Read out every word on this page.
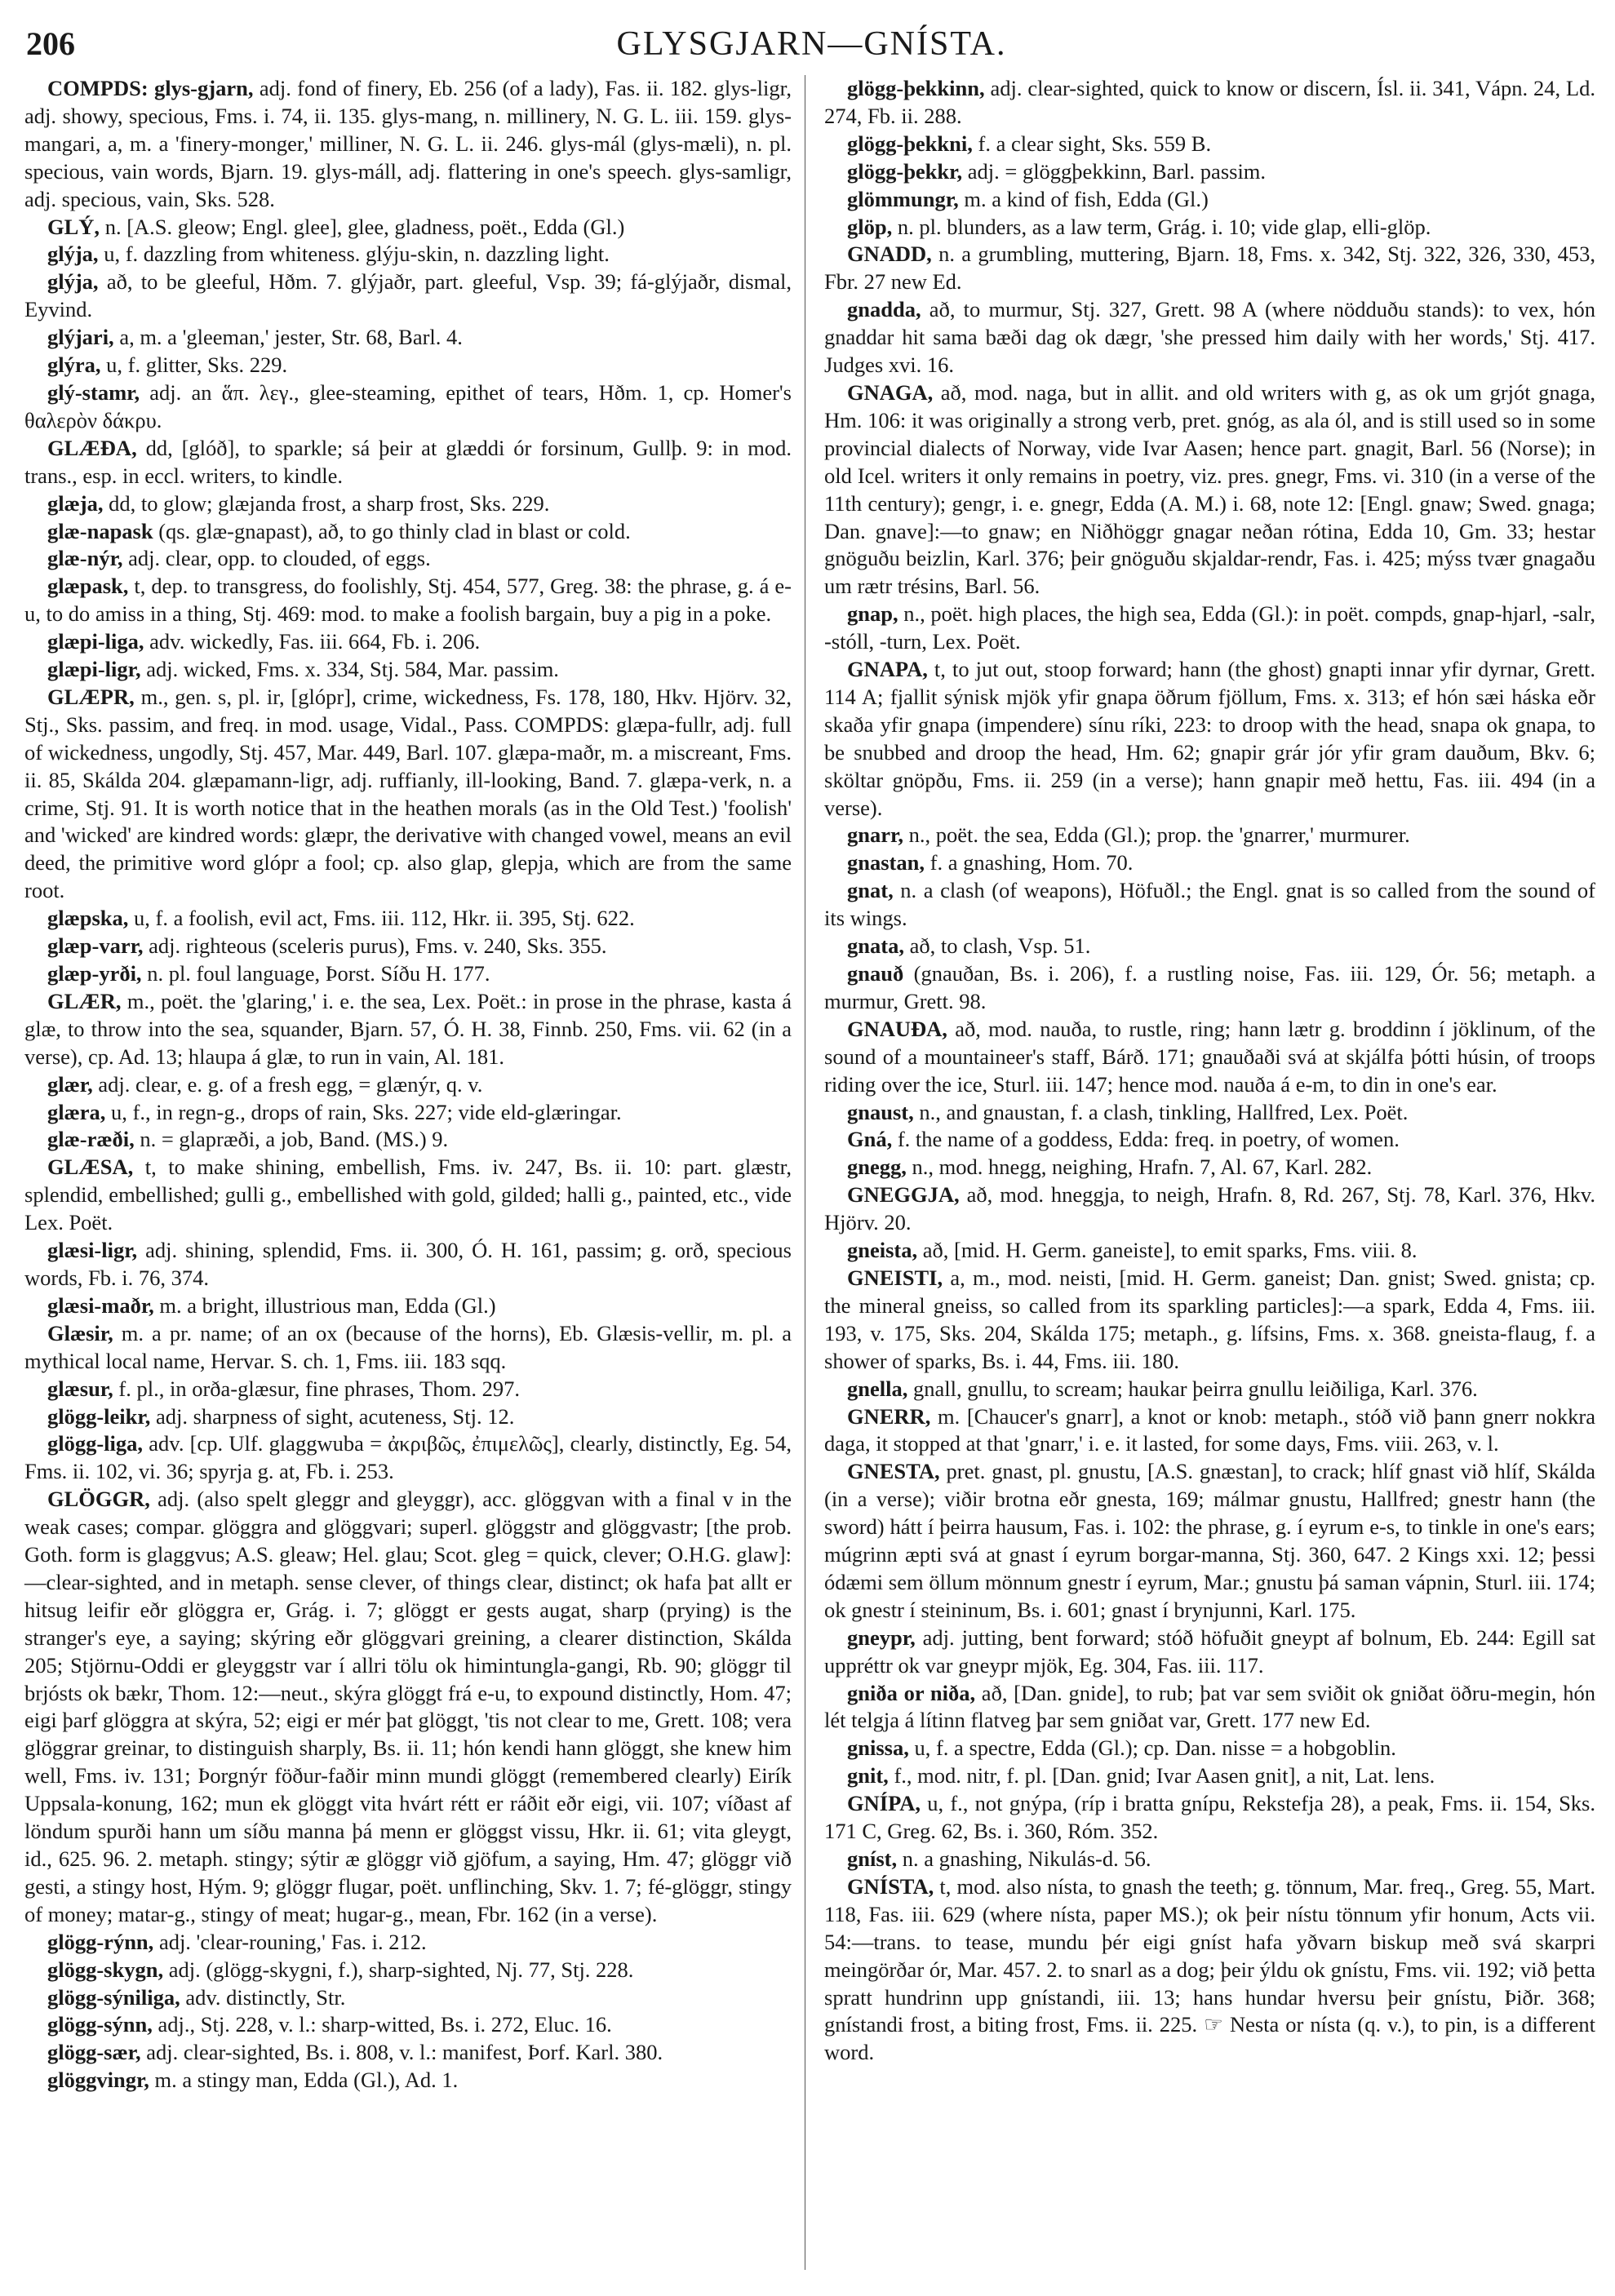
206	GLYSGJARN—GNÍSTA.

COMPDS: glys-gjarn, adj. fond of finery, Eb. 256 (of a lady), Fas. ii. 182. glys-ligr, adj. showy, specious, Fms. i. 74, ii. 135. glys-mang, n. millinery, N. G. L. iii. 159. glys-mangari, a, m. a 'finery-monger,' milliner, N. G. L. ii. 246. glys-mál (glys-mæli), n. pl. specious, vain words, Bjarn. 19. glys-máll, adj. flattering in one's speech. glys-samligr, adj. specious, vain, Sks. 528.

GLÝ, n. [A.S. gleow; Engl. glee], glee, gladness, poët., Edda (Gl.)

glýja, u, f. dazzling from whiteness. glýju-skin, n. dazzling light.

glýja, að, to be gleeful, Hðm. 7. glýjaðr, part. gleeful, Vsp. 39; fá-glýjaðr, dismal, Eyvind.

glýjari, a, m. a 'gleeman,' jester, Str. 68, Barl. 4.

glýra, u, f. glitter, Sks. 229.

glý-stamr, adj. an ἅπ. λεγ., glee-steaming, epithet of tears, Hðm. 1, cp. Homer's θαλερὸν δάκρυ.

GLÆÐA, dd, [glóð], to sparkle; sá þeir at glæddi ór forsinum, Gullþ. 9: in mod. trans., esp. in eccl. writers, to kindle.

glæja, dd, to glow; glæjanda frost, a sharp frost, Sks. 229.

glæ-napask (qs. glæ-gnapast), að, to go thinly clad in blast or cold.

glæ-nýr, adj. clear, opp. to clouded, of eggs.

glæpask, t, dep. to transgress, do foolishly, Stj. 454, 577, Greg. 38: the phrase, g. á e-u, to do amiss in a thing, Stj. 469: mod. to make a foolish bargain, buy a pig in a poke.

glæpi-liga, adv. wickedly, Fas. iii. 664, Fb. i. 206.

glæpi-ligr, adj. wicked, Fms. x. 334, Stj. 584, Mar. passim.

GLÆPR, m., gen. s, pl. ir, [glópr], crime, wickedness, Fs. 178, 180, Hkv. Hjörv. 32, Stj., Sks. passim, and freq. in mod. usage, Vidal., Pass. COMPDS: glæpa-fullr, adj. full of wickedness, ungodly, Stj. 457, Mar. 449, Barl. 107. glæpa-maðr, m. a miscreant, Fms. ii. 85, Skálda 204. glæpamann-ligr, adj. ruffianly, ill-looking, Band. 7. glæpa-verk, n. a crime, Stj. 91. It is worth notice that in the heathen morals (as in the Old Test.) 'foolish' and 'wicked' are kindred words: glæpr, the derivative with changed vowel, means an evil deed, the primitive word glópr a fool; cp. also glap, glepja, which are from the same root.

glæpska, u, f. a foolish, evil act, Fms. iii. 112, Hkr. ii. 395, Stj. 622.

glæp-varr, adj. righteous (sceleris purus), Fms. v. 240, Sks. 355.

glæp-yrði, n. pl. foul language, Þorst. Síðu H. 177.

GLÆR, m., poët. the 'glaring,' i. e. the sea, Lex. Poët.: in prose in the phrase, kasta á glæ, to throw into the sea, squander, Bjarn. 57, Ó. H. 38, Finnb. 250, Fms. vii. 62 (in a verse), cp. Ad. 13; hlaupa á glæ, to run in vain, Al. 181.

glær, adj. clear, e. g. of a fresh egg, = glænýr, q. v.

glæra, u, f., in regn-g., drops of rain, Sks. 227; vide eld-glæringar.

glæ-ræði, n. = glapræði, a job, Band. (MS.) 9.

GLÆSA, t, to make shining, embellish, Fms. iv. 247, Bs. ii. 10: part. glæstr, splendid, embellished; gulli g., embellished with gold, gilded; halli g., painted, etc., vide Lex. Poët.

glæsi-ligr, adj. shining, splendid, Fms. ii. 300, Ó. H. 161, passim; g. orð, specious words, Fb. i. 76, 374.

glæsi-maðr, m. a bright, illustrious man, Edda (Gl.)

Glæsir, m. a pr. name; of an ox (because of the horns), Eb. Glæsis-vellir, m. pl. a mythical local name, Hervar. S. ch. 1, Fms. iii. 183 sqq.

glæsur, f. pl., in orða-glæsur, fine phrases, Thom. 297.

glögg-leikr, adj. sharpness of sight, acuteness, Stj. 12.

glögg-liga, adv. [cp. Ulf. glaggwuba = ἀκριβῶς, ἐπιμελῶς], clearly, distinctly, Eg. 54, Fms. ii. 102, vi. 36; spyrja g. at, Fb. i. 253.

GLÖGGR, adj. (also spelt gleggr and gleyggr), acc. glöggvan with a final v in the weak cases; compar. glöggra and glöggvari; superl. glöggstr and glöggvastr; [the prob. Goth. form is glaggvus; A.S. gleaw; Hel. glau; Scot. gleg = quick, clever; O.H.G. glaw]:—clear-sighted, and in metaph. sense clever, of things clear, distinct; ok hafa þat allt er hitsug leifir eðr glöggra er, Grág. i. 7; glöggt er gests augat, sharp (prying) is the stranger's eye, a saying; skýring eðr glöggvari greining, a clearer distinction, Skálda 205; Stjörnu-Oddi er gleyggstr var í allri tölu ok himintungla-gangi, Rb. 90; glöggr til brjósts ok bækr, Thom. 12:—neut., skýra glöggt frá e-u, to expound distinctly, Hom. 47; eigi þarf glöggra at skýra, 52; eigi er mér þat glöggt, 'tis not clear to me, Grett. 108; vera glöggrar greinar, to distinguish sharply, Bs. ii. 11; hón kendi hann glöggt, she knew him well, Fms. iv. 131; Þorgnýr föður-faðir minn mundi glöggt (remembered clearly) Eirík Uppsala-konung, 162; mun ek glöggt vita hvárt rétt er ráðit eðr eigi, vii. 107; víðast af löndum spurði hann um síðu manna þá menn er glöggst vissu, Hkr. ii. 61; vita gleygt, id., 625. 96. 2. metaph. stingy; sýtir æ glöggr við gjöfum, a saying, Hm. 47; glöggr við gesti, a stingy host, Hým. 9; glöggr flugar, poët. unflinching, Skv. 1. 7; fé-glöggr, stingy of money; matar-g., stingy of meat; hugar-g., mean, Fbr. 162 (in a verse).

glögg-rýnn, adj. 'clear-rouning,' Fas. i. 212.

glögg-skygn, adj. (glögg-skygni, f.), sharp-sighted, Nj. 77, Stj. 228.

glögg-sýniliga, adv. distinctly, Str.

glögg-sýnn, adj., Stj. 228, v. l.: sharp-witted, Bs. i. 272, Eluc. 16.

glögg-sær, adj. clear-sighted, Bs. i. 808, v. l.: manifest, Þorf. Karl. 380.

glöggvingr, m. a stingy man, Edda (Gl.), Ad. 1.

glögg-þekkinn, adj. clear-sighted, quick to know or discern, Ísl. ii. 341, Vápn. 24, Ld. 274, Fb. ii. 288.

glögg-þekkni, f. a clear sight, Sks. 559 B.

glögg-þekkr, adj. = glöggþekkinn, Barl. passim.

glömmungr, m. a kind of fish, Edda (Gl.)

glöp, n. pl. blunders, as a law term, Grág. i. 10; vide glap, elli-glöp.

GNADD, n. a grumbling, muttering, Bjarn. 18, Fms. x. 342, Stj. 322, 326, 330, 453, Fbr. 27 new Ed.

gnadda, að, to murmur, Stj. 327, Grett. 98 A (where nödduðu stands): to vex, hón gnaddar hit sama bæði dag ok dægr, 'she pressed him daily with her words,' Stj. 417. Judges xvi. 16.

GNAGA, að, mod. naga, but in allit. and old writers with g, as ok um grjót gnaga, Hm. 106: it was originally a strong verb, pret. gnóg, as ala ól, and is still used so in some provincial dialects of Norway, vide Ivar Aasen; hence part. gnagit, Barl. 56 (Norse); in old Icel. writers it only remains in poetry, viz. pres. gnegr, Fms. vi. 310 (in a verse of the 11th century); gengr, i. e. gnegr, Edda (A. M.) i. 68, note 12: [Engl. gnaw; Swed. gnaga; Dan. gnave]:—to gnaw; en Niðhöggr gnagar neðan rótina, Edda 10, Gm. 33; hestar gnöguðu beizlin, Karl. 376; þeir gnöguðu skjaldar-rendr, Fas. i. 425; mýss tvær gnagaðu um rætr trésins, Barl. 56.

gnap, n., poët. high places, the high sea, Edda (Gl.): in poët. compds, gnap-hjarl, -salr, -stóll, -turn, Lex. Poët.

GNAPA, t, to jut out, stoop forward; hann (the ghost) gnapti innar yfir dyrnar, Grett. 114 A; fjallit sýnisk mjök yfir gnapa öðrum fjöllum, Fms. x. 313; ef hón sæi háska eðr skaða yfir gnapa (impendere) sínu ríki, 223: to droop with the head, snapa ok gnapa, to be snubbed and droop the head, Hm. 62; gnapir grár jór yfir gram dauðum, Bkv. 6; sköltar gnöpðu, Fms. ii. 259 (in a verse); hann gnapir með hettu, Fas. iii. 494 (in a verse).

gnarr, n., poët. the sea, Edda (Gl.); prop. the 'gnarrer,' murmurer.

gnastan, f. a gnashing, Hom. 70.

gnat, n. a clash (of weapons), Höfuðl.; the Engl. gnat is so called from the sound of its wings.

gnata, að, to clash, Vsp. 51.

gnauð (gnauðan, Bs. i. 206), f. a rustling noise, Fas. iii. 129, Ór. 56; metaph. a murmur, Grett. 98.

GNAUÐA, að, mod. nauða, to rustle, ring; hann lætr g. broddinn í jöklinum, of the sound of a mountaineer's staff, Bárð. 171; gnauðaði svá at skjálfa þótti húsin, of troops riding over the ice, Sturl. iii. 147; hence mod. nauða á e-m, to din in one's ear.

gnaust, n., and gnaustan, f. a clash, tinkling, Hallfred, Lex. Poët.

Gná, f. the name of a goddess, Edda: freq. in poetry, of women.

gnegg, n., mod. hnegg, neighing, Hrafn. 7, Al. 67, Karl. 282.

GNEGGJA, að, mod. hneggja, to neigh, Hrafn. 8, Rd. 267, Stj. 78, Karl. 376, Hkv. Hjörv. 20.

gneista, að, [mid. H. Germ. ganeiste], to emit sparks, Fms. viii. 8.

GNEISTI, a, m., mod. neisti, [mid. H. Germ. ganeist; Dan. gnist; Swed. gnista; cp. the mineral gneiss, so called from its sparkling particles]:—a spark, Edda 4, Fms. iii. 193, v. 175, Sks. 204, Skálda 175; metaph., g. lífsins, Fms. x. 368. gneista-flaug, f. a shower of sparks, Bs. i. 44, Fms. iii. 180.

gnella, gnall, gnullu, to scream; haukar þeirra gnullu leiðiliga, Karl. 376.

GNERR, m. [Chaucer's gnarr], a knot or knob: metaph., stóð við þann gnerr nokkra daga, it stopped at that 'gnarr,' i. e. it lasted, for some days, Fms. viii. 263, v. l.

GNESTA, pret. gnast, pl. gnustu, [A.S. gnæstan], to crack; hlíf gnast við hlíf, Skálda (in a verse); viðir brotna eðr gnesta, 169; málmar gnustu, Hallfred; gnestr hann (the sword) hátt í þeirra hausum, Fas. i. 102: the phrase, g. í eyrum e-s, to tinkle in one's ears; múgrinn æpti svá at gnast í eyrum borgar-manna, Stj. 360, 647. 2 Kings xxi. 12; þessi ódæmi sem öllum mönnum gnestr í eyrum, Mar.; gnustu þá saman vápnin, Sturl. iii. 174; ok gnestr í steininum, Bs. i. 601; gnast í brynjunni, Karl. 175.

gneypr, adj. jutting, bent forward; stóð höfuðit gneypt af bolnum, Eb. 244: Egill sat uppréttr ok var gneypr mjök, Eg. 304, Fas. iii. 117.

gniða or niða, að, [Dan. gnide], to rub; þat var sem sviðit ok gniðat öðru-megin, hón lét telgja á lítinn flatveg þar sem gniðat var, Grett. 177 new Ed.

gnissa, u, f. a spectre, Edda (Gl.); cp. Dan. nisse = a hobgoblin.

gnit, f., mod. nitr, f. pl. [Dan. gnid; Ivar Aasen gnit], a nit, Lat. lens.

GNÍPA, u, f., not gnýpa, (ríp i bratta gnípu, Rekstefja 28), a peak, Fms. ii. 154, Sks. 171 C, Greg. 62, Bs. i. 360, Róm. 352.

gníst, n. a gnashing, Nikulás-d. 56.

GNÍSTA, t, mod. also nísta, to gnash the teeth; g. tönnum, Mar. freq., Greg. 55, Mart. 118, Fas. iii. 629 (where nísta, paper MS.); ok þeir nístu tönnum yfir honum, Acts vii. 54:—trans. to tease, mundu þér eigi gníst hafa yðvarn biskup með svá skarpri meingörðar ór, Mar. 457. 2. to snarl as a dog; þeir ýldu ok gnístu, Fms. vii. 192; við þetta spratt hundrinn upp gnístandi, iii. 13; hans hundar hversu þeir gnístu, Þiðr. 368; gnístandi frost, a biting frost, Fms. ii. 225. ☞ Nesta or nísta (q. v.), to pin, is a different word.
